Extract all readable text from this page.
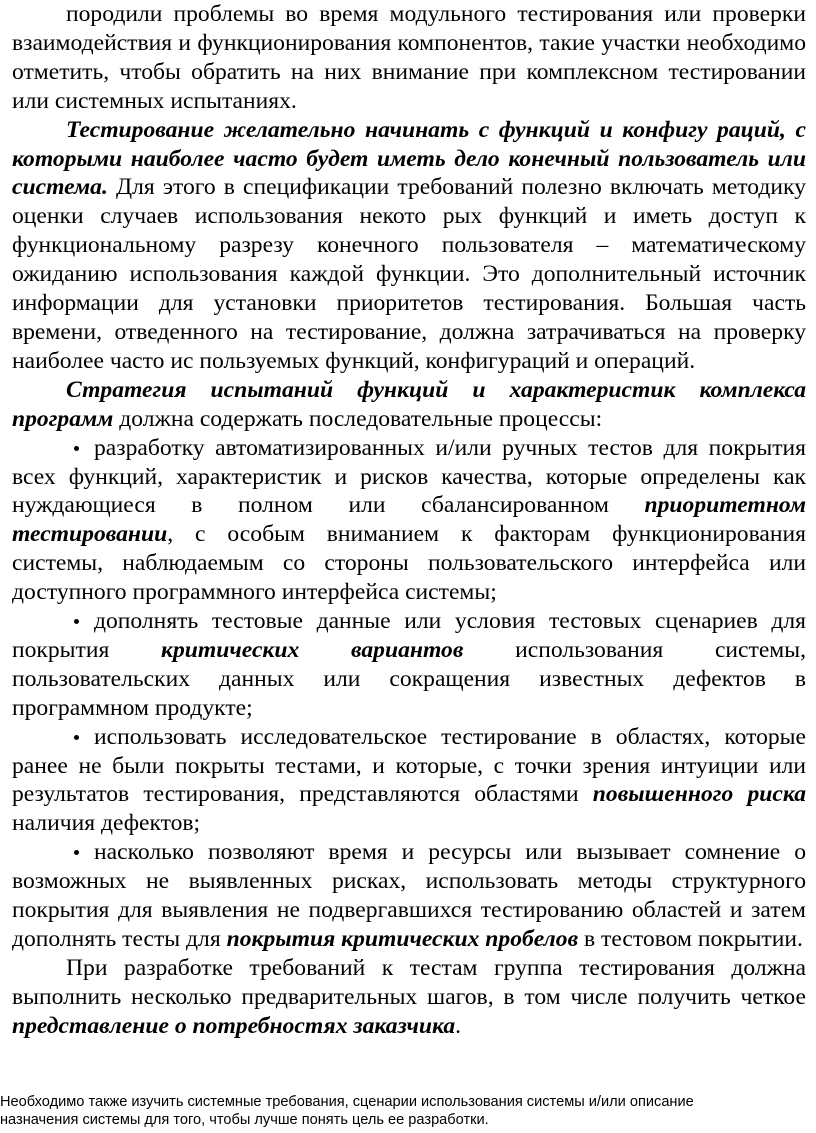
породили проблемы во время модульного тестирования или проверки взаимодействия и функционирования компонентов, такие участки необходимо отметить, чтобы обратить на них внимание при комплексном тестировании или системных испытаниях.

Тестирование желательно начинать с функций и конфигу раций, с которыми наиболее часто будет иметь дело конечный пользователь или система. Для этого в спецификации требований полезно включать методику оценки случаев использования некото рых функций и иметь доступ к функциональному разрезу конечного пользователя – математическому ожиданию использования каждой функции. Это дополнительный источник информации для установки приоритетов тестирования. Большая часть времени, отведенного на тестирование, должна затрачиваться на проверку наиболее часто ис пользуемых функций, конфигураций и операций.

Стратегия испытаний функций и характеристик комплекса программ должна содержать последовательные процессы:

разработку автоматизированных и/или ручных тестов для покрытия всех функций, характеристик и рисков качества, которые определены как нуждающиеся в полном или сбалансированном приоритетном тестировании, с особым вниманием к факторам функционирования системы, наблюдаемым со стороны пользовательского интерфейса или доступного программного интерфейса системы;

дополнять тестовые данные или условия тестовых сценариев для покрытия критических вариантов использования системы, пользовательских данных или сокращения известных дефектов в программном продукте;

использовать исследовательское тестирование в областях, которые ранее не были покрыты тестами, и которые, с точки зрения интуиции или результатов тестирования, представляются областями повышенного риска наличия дефектов;

насколько позволяют время и ресурсы или вызывает сомнение о возможных не выявленных рисках, использовать методы структурного покрытия для выявления не подвергавшихся тестированию областей и затем дополнять тесты для покрытия критических пробелов в тестовом покрытии.

При разработке требований к тестам группа тестирования должна выполнить несколько предварительных шагов, в том числе получить четкое представление о потребностях заказчика.

Необходимо также изучить системные требования, сценарии использования системы и/или описание

назначения системы для того, чтобы лучше понять цель ее разработки.
